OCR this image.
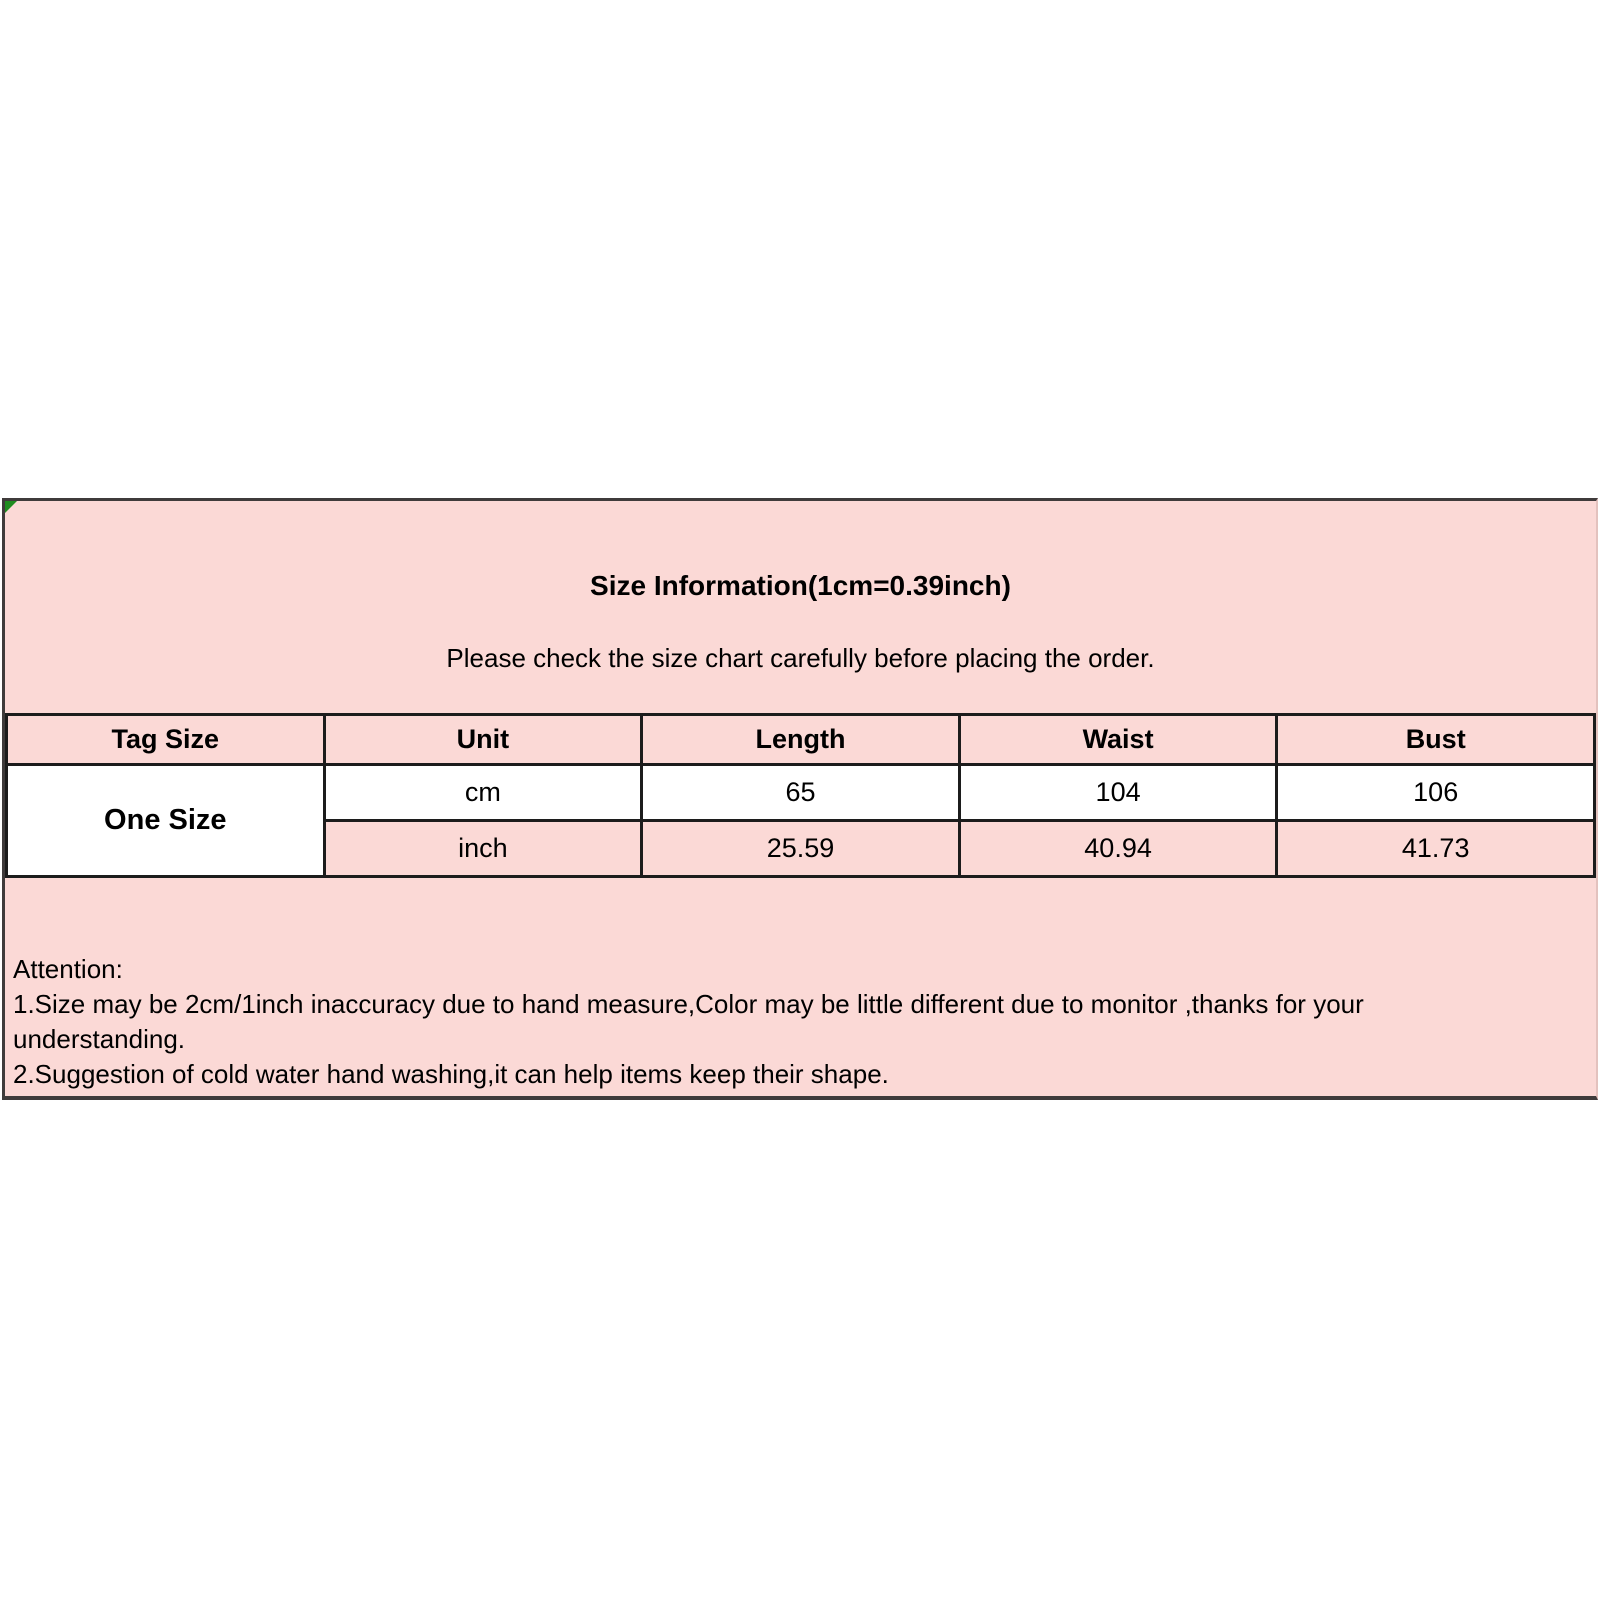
Size Information(1cm=0.39inch)
Please check the size chart carefully before placing the order.
Tag Size	Unit	Length	Waist	Bust
One Size	cm	65	104	106
	inch	25.59	40.94	41.73
Attention:
1.Size may be 2cm/1inch inaccuracy due to hand measure,Color may be little different due to monitor ,thanks for your understanding.
2.Suggestion of cold water hand washing,it can help items keep their shape.
